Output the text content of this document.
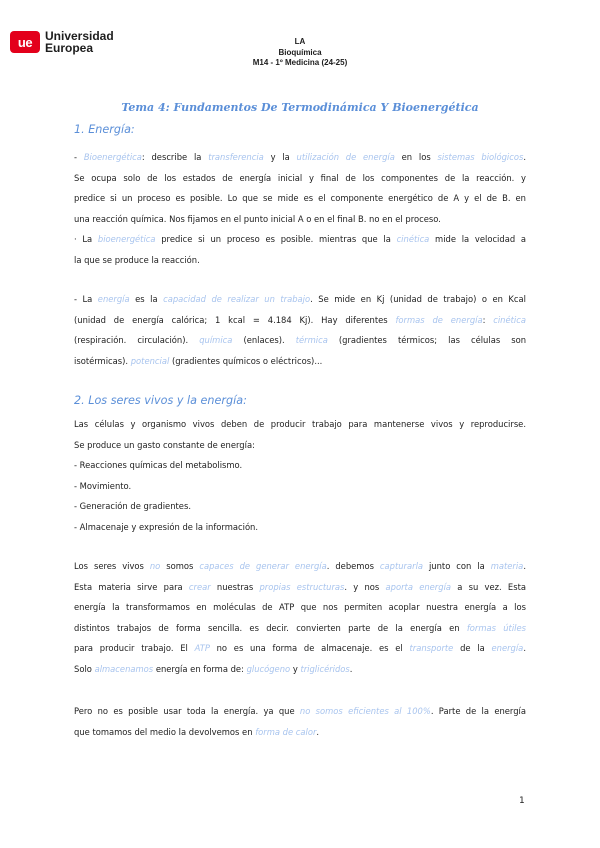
ue	Universidad
Europea	LA
Bioquímica
M14 - 1º Medicina (24-25)
Tema 4: Fundamentos De Termodinámica Y Bioenergética
1. Energía:
- Bioenergética: describe la transferencia y la utilización de energía en los sistemas biológicos.
Se ocupa solo de los estados de energía inicial y final de los componentes de la reacción. y
predice si un proceso es posible. Lo que se mide es el componente energético de A y el de B. en
una reacción química. Nos fijamos en el punto inicial A o en el final B. no en el proceso.
· La bioenergética predice si un proceso es posible. mientras que la cinética mide la velocidad a
la que se produce la reacción.
- La energía es la capacidad de realizar un trabajo. Se mide en Kj (unidad de trabajo) o en Kcal
(unidad de energía calórica; 1 kcal = 4.184 Kj). Hay diferentes formas de energía: cinética
(respiración. circulación). química (enlaces). térmica (gradientes térmicos; las células son
isotérmicas). potencial (gradientes químicos o eléctricos)...
2. Los seres vivos y la energía:
Las células y organismo vivos deben de producir trabajo para mantenerse vivos y reproducirse.
Se produce un gasto constante de energía:
- Reacciones químicas del metabolismo.
- Movimiento.
- Generación de gradientes.
- Almacenaje y expresión de la información.
Los seres vivos no somos capaces de generar energía. debemos capturarla junto con la materia.
Esta materia sirve para crear nuestras propias estructuras. y nos aporta energía a su vez. Esta
energía la transformamos en moléculas de ATP que nos permiten acoplar nuestra energía a los
distintos trabajos de forma sencilla. es decir. convierten parte de la energía en formas útiles
para producir trabajo. El ATP no es una forma de almacenaje. es el transporte de la energía.
Solo almacenamos energía en forma de: glucógeno y triglicéridos.
Pero no es posible usar toda la energía. ya que no somos eficientes al 100%. Parte de la energía
que tomamos del medio la devolvemos en forma de calor.
1
